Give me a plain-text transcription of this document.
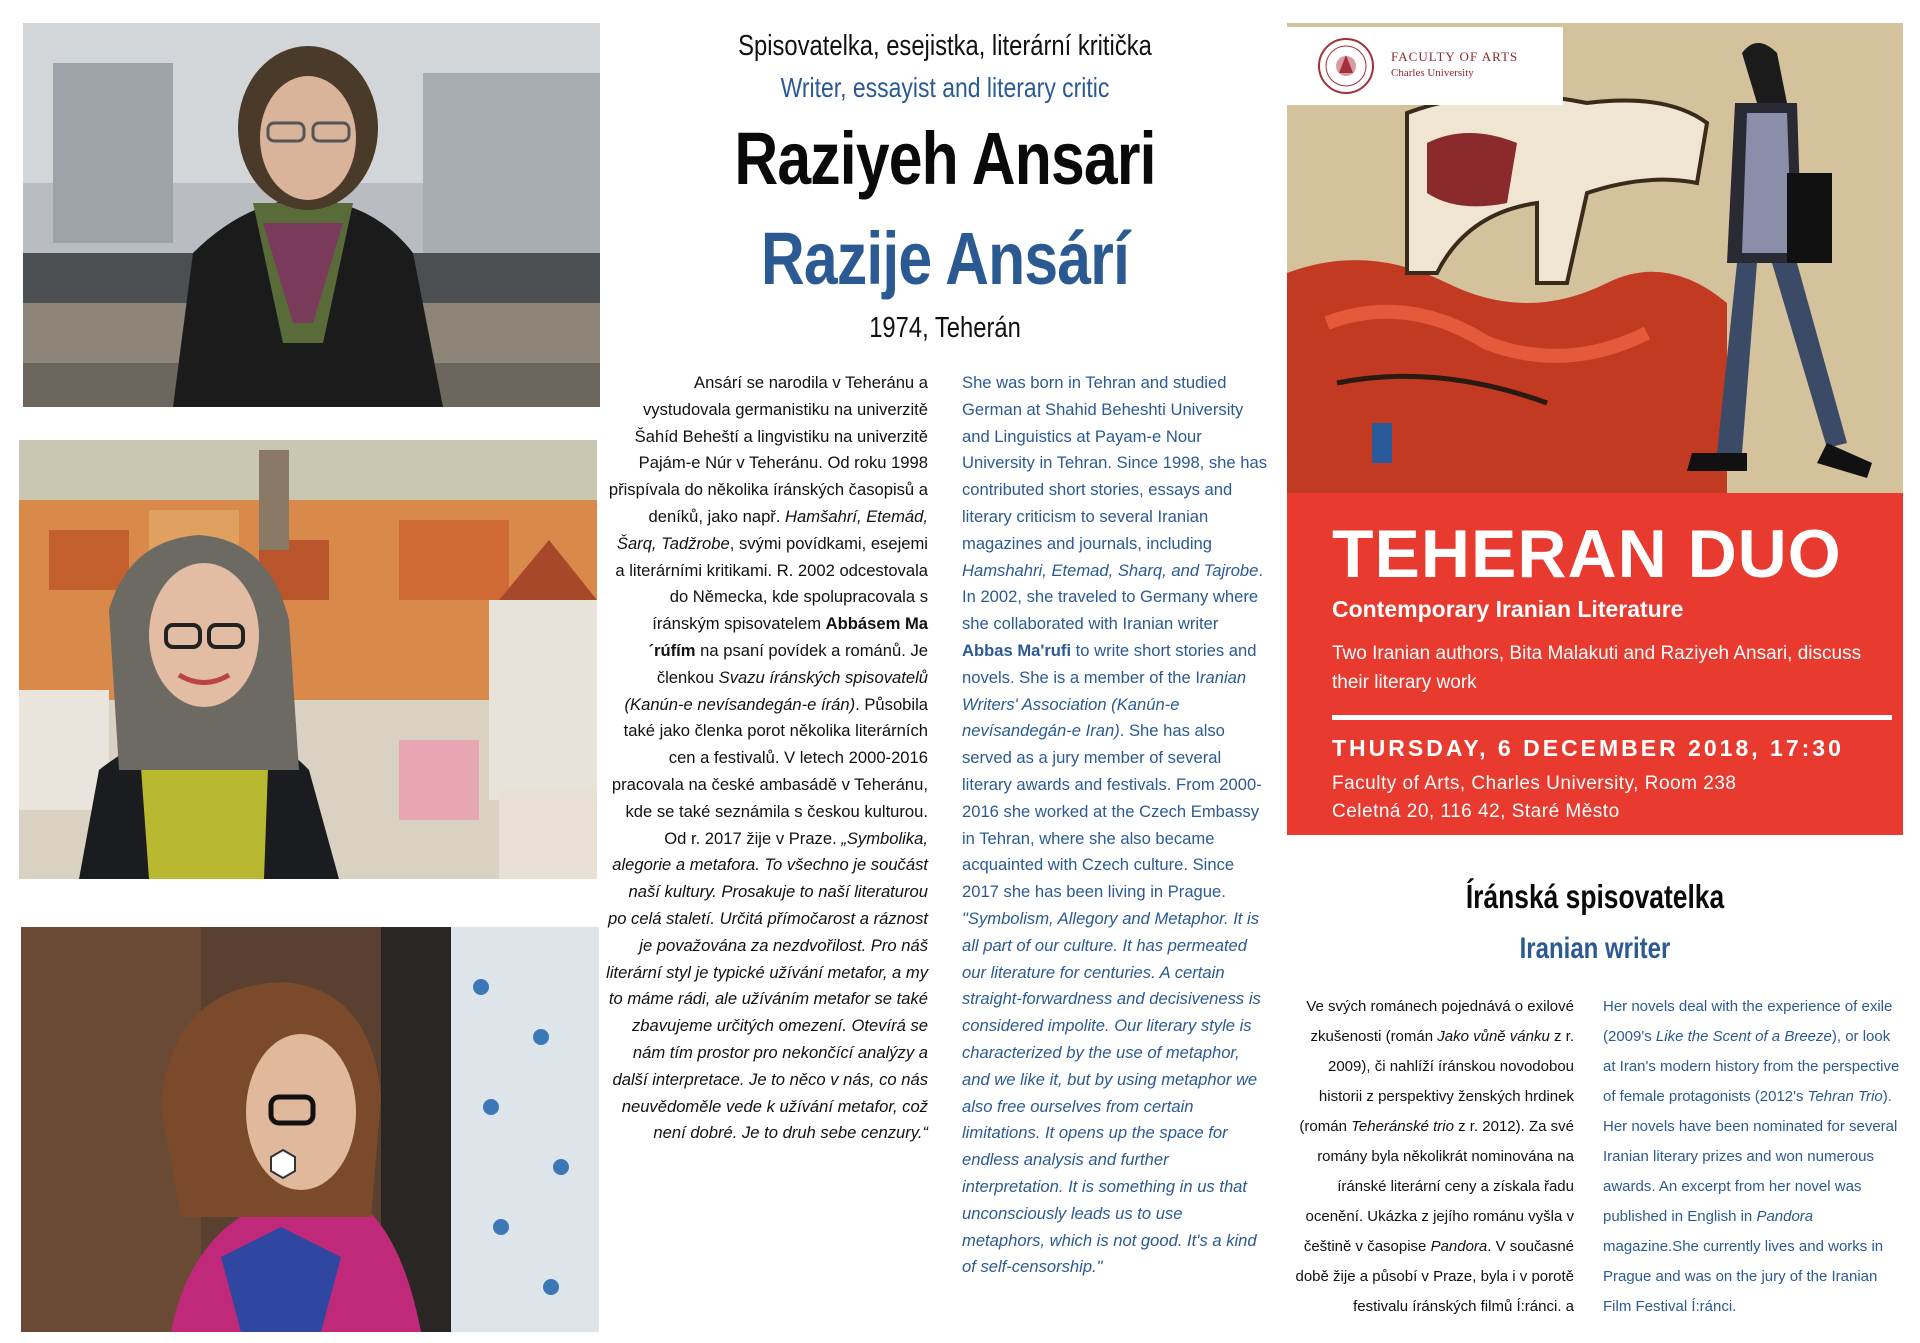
Spisovatelka, esejistka, literární kritička
Writer, essayist and literary critic
Raziyeh Ansari
Razije Ansárí
1974, Teherán
Ansárí se narodila v Teheránu a vystudovala germanistiku na univerzitě Šahíd Beheští a lingvistiku na univerzitě Pajám-e Núr v Teheránu. Od roku 1998 přispívala do několika íránských časopisů a deníků, jako např. Hamšahrí, Etemád, Šarq, Tadžrobe, svými povídkami, esejemi a literárními kritikami. R. 2002 odcestovala do Německa, kde spolupracovala s íránským spisovatelem Abbásem Ma´rúfím na psaní povídek a románů. Je členkou Svazu íránských spisovatelů (Kanún-e nevísandegán-e írán). Působila také jako členka porot několika literárních cen a festivalů. V letech 2000-2016 pracovala na české ambasádě v Teheránu, kde se také seznámila s českou kulturou. Od r. 2017 žije v Praze. „Symbolika, alegorie a metafora. To všechno je součást naší kultury. Prosakuje to naší literaturou po celá staletí. Určitá přímočarost a ráznost je považována za nezdvořilost. Pro náš literární styl je typické užívání metafor, a my to máme rádi, ale užíváním metafor se také zbavujeme určitých omezení. Otevírá se nám tím prostor pro nekončící analýzy a další interpretace. Je to něco v nás, co nás neuvědoměle vede k užívání metafor, což není dobré. Je to druh sebe cenzury.“
She was born in Tehran and studied German at Shahid Beheshti University and Linguistics at Payam-e Nour University in Tehran. Since 1998, she has contributed short stories, essays and literary criticism to several Iranian magazines and journals, including Hamshahri, Etemad, Sharq, and Tajrobe. In 2002, she traveled to Germany where she collaborated with Iranian writer Abbas Ma'rufi to write short stories and novels. She is a member of the Iranian Writers' Association (Kanún-e nevísandegán-e Iran). She has also served as a jury member of several literary awards and festivals. From 2000-2016 she worked at the Czech Embassy in Tehran, where she also became acquainted with Czech culture. Since 2017 she has been living in Prague. "Symbolism, Allegory and Metaphor. It is all part of our culture. It has permeated our literature for centuries. A certain straight-forwardness and decisiveness is considered impolite. Our literary style is characterized by the use of metaphor, and we like it, but by using metaphor we also free ourselves from certain limitations. It opens up the space for endless analysis and further interpretation. It is something in us that unconsciously leads us to use metaphors, which is not good. It's a kind of self-censorship."
FACULTY OF ARTS
Charles University
TEHERAN DUO
Contemporary Iranian Literature
Two Iranian authors, Bita Malakuti and Raziyeh Ansari, discuss their literary work
THURSDAY, 6 DECEMBER 2018, 17:30
Faculty of Arts, Charles University, Room 238
Celetná 20, 116 42, Staré Město
Íránská spisovatelka
Iranian writer
Ve svých románech pojednává o exilové zkušenosti (román Jako vůně vánku z r. 2009), či nahlíží íránskou novodobou historii z perspektivy ženských hrdinek (román Teheránské trio z r. 2012). Za své romány byla několikrát nominována na íránské literární ceny a získala řadu ocenění. Ukázka z jejího románu vyšla v češtině v časopise Pandora. V současné době žije a působí v Praze, byla i v porotě festivalu íránských filmů Í:ránci. a
Her novels deal with the experience of exile (2009's Like the Scent of a Breeze), or look at Iran's modern history from the perspective of female protagonists (2012's Tehran Trio). Her novels have been nominated for several Iranian literary prizes and won numerous awards. An excerpt from her novel was published in English in Pandora magazine.She currently lives and works in Prague and was on the jury of the Iranian Film Festival Í:ránci.
